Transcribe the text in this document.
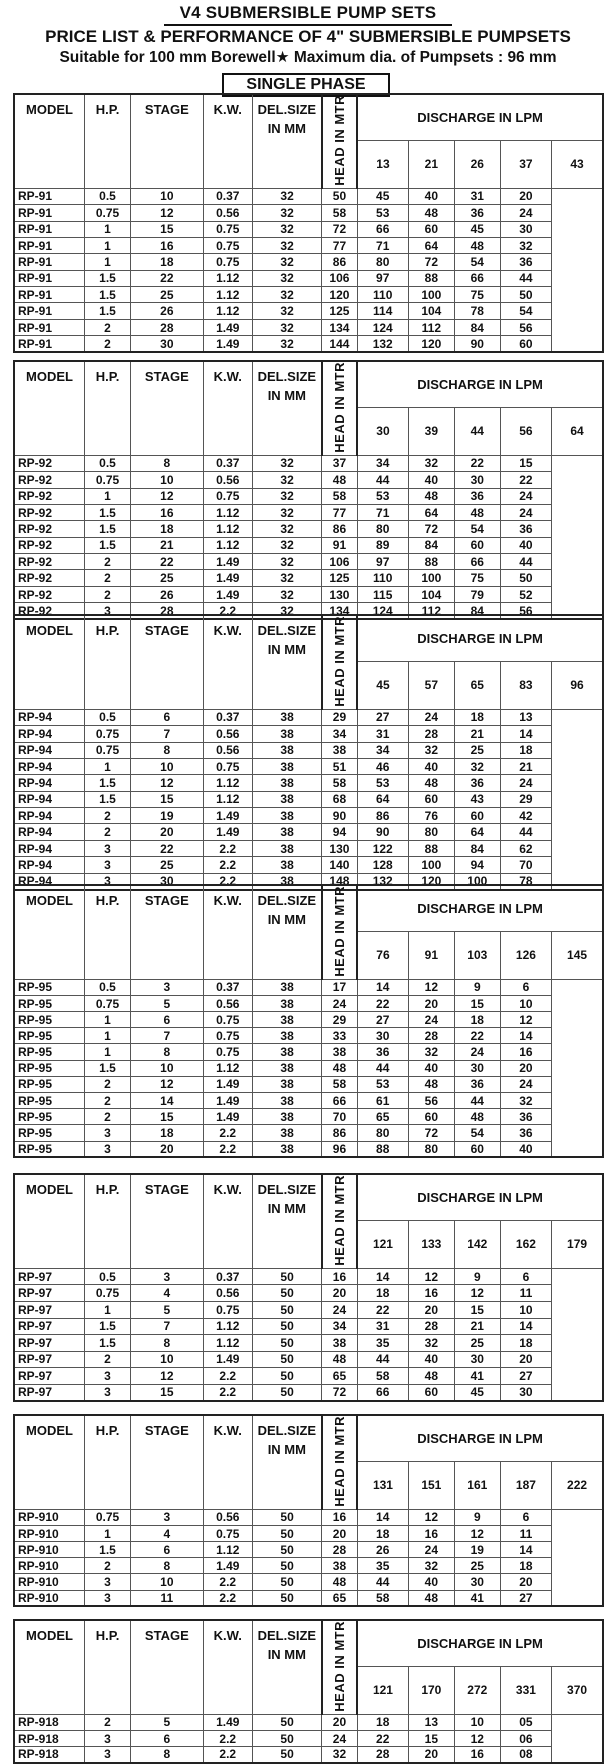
V4 SUBMERSIBLE PUMP SETS
PRICE LIST & PERFORMANCE OF 4" SUBMERSIBLE PUMPSETS
Suitable for 100 mm Borewell★ Maximum dia. of Pumpsets : 96 mm
SINGLE PHASE
MODEL	H.P.	STAGE	K.W.	DEL.SIZE
IN MM	HEAD IN MTR	DISCHARGE IN LPM				
						13	21	26	37	43
RP-91	0.5	10	0.37	32	50	45	40	31	20	
RP-91	0.75	12	0.56	32	58	53	48	36	24	
RP-91	1	15	0.75	32	72	66	60	45	30	
RP-91	1	16	0.75	32	77	71	64	48	32	
RP-91	1	18	0.75	32	86	80	72	54	36	
RP-91	1.5	22	1.12	32	106	97	88	66	44	
RP-91	1.5	25	1.12	32	120	110	100	75	50	
RP-91	1.5	26	1.12	32	125	114	104	78	54	
RP-91	2	28	1.49	32	134	124	112	84	56	
RP-91	2	30	1.49	32	144	132	120	90	60	
MODEL	H.P.	STAGE	K.W.	DEL.SIZE
IN MM	HEAD IN MTR	DISCHARGE IN LPM				
						30	39	44	56	64
RP-92	0.5	8	0.37	32	37	34	32	22	15	
RP-92	0.75	10	0.56	32	48	44	40	30	22	
RP-92	1	12	0.75	32	58	53	48	36	24	
RP-92	1.5	16	1.12	32	77	71	64	48	24	
RP-92	1.5	18	1.12	32	86	80	72	54	36	
RP-92	1.5	21	1.12	32	91	89	84	60	40	
RP-92	2	22	1.49	32	106	97	88	66	44	
RP-92	2	25	1.49	32	125	110	100	75	50	
RP-92	2	26	1.49	32	130	115	104	79	52	
RP-92	3	28	2.2	32	134	124	112	84	56	
MODEL	H.P.	STAGE	K.W.	DEL.SIZE
IN MM	HEAD IN MTR	DISCHARGE IN LPM				
						45	57	65	83	96
RP-94	0.5	6	0.37	38	29	27	24	18	13	
RP-94	0.75	7	0.56	38	34	31	28	21	14	
RP-94	0.75	8	0.56	38	38	34	32	25	18	
RP-94	1	10	0.75	38	51	46	40	32	21	
RP-94	1.5	12	1.12	38	58	53	48	36	24	
RP-94	1.5	15	1.12	38	68	64	60	43	29	
RP-94	2	19	1.49	38	90	86	76	60	42	
RP-94	2	20	1.49	38	94	90	80	64	44	
RP-94	3	22	2.2	38	130	122	88	84	62	
RP-94	3	25	2.2	38	140	128	100	94	70	
RP-94	3	30	2.2	38	148	132	120	100	78	
MODEL	H.P.	STAGE	K.W.	DEL.SIZE
IN MM	HEAD IN MTR	DISCHARGE IN LPM				
						76	91	103	126	145
RP-95	0.5	3	0.37	38	17	14	12	9	6	
RP-95	0.75	5	0.56	38	24	22	20	15	10	
RP-95	1	6	0.75	38	29	27	24	18	12	
RP-95	1	7	0.75	38	33	30	28	22	14	
RP-95	1	8	0.75	38	38	36	32	24	16	
RP-95	1.5	10	1.12	38	48	44	40	30	20	
RP-95	2	12	1.49	38	58	53	48	36	24	
RP-95	2	14	1.49	38	66	61	56	44	32	
RP-95	2	15	1.49	38	70	65	60	48	36	
RP-95	3	18	2.2	38	86	80	72	54	36	
RP-95	3	20	2.2	38	96	88	80	60	40	
MODEL	H.P.	STAGE	K.W.	DEL.SIZE
IN MM	HEAD IN MTR	DISCHARGE IN LPM				
						121	133	142	162	179
RP-97	0.5	3	0.37	50	16	14	12	9	6	
RP-97	0.75	4	0.56	50	20	18	16	12	11	
RP-97	1	5	0.75	50	24	22	20	15	10	
RP-97	1.5	7	1.12	50	34	31	28	21	14	
RP-97	1.5	8	1.12	50	38	35	32	25	18	
RP-97	2	10	1.49	50	48	44	40	30	20	
RP-97	3	12	2.2	50	65	58	48	41	27	
RP-97	3	15	2.2	50	72	66	60	45	30	
MODEL	H.P.	STAGE	K.W.	DEL.SIZE
IN MM	HEAD IN MTR	DISCHARGE IN LPM				
						131	151	161	187	222
RP-910	0.75	3	0.56	50	16	14	12	9	6	
RP-910	1	4	0.75	50	20	18	16	12	11	
RP-910	1.5	6	1.12	50	28	26	24	19	14	
RP-910	2	8	1.49	50	38	35	32	25	18	
RP-910	3	10	2.2	50	48	44	40	30	20	
RP-910	3	11	2.2	50	65	58	48	41	27	
MODEL	H.P.	STAGE	K.W.	DEL.SIZE
IN MM	HEAD IN MTR	DISCHARGE IN LPM				
						121	170	272	331	370
RP-918	2	5	1.49	50	20	18	13	10	05	
RP-918	3	6	2.2	50	24	22	15	12	06	
RP-918	3	8	2.2	50	32	28	20	16	08	
